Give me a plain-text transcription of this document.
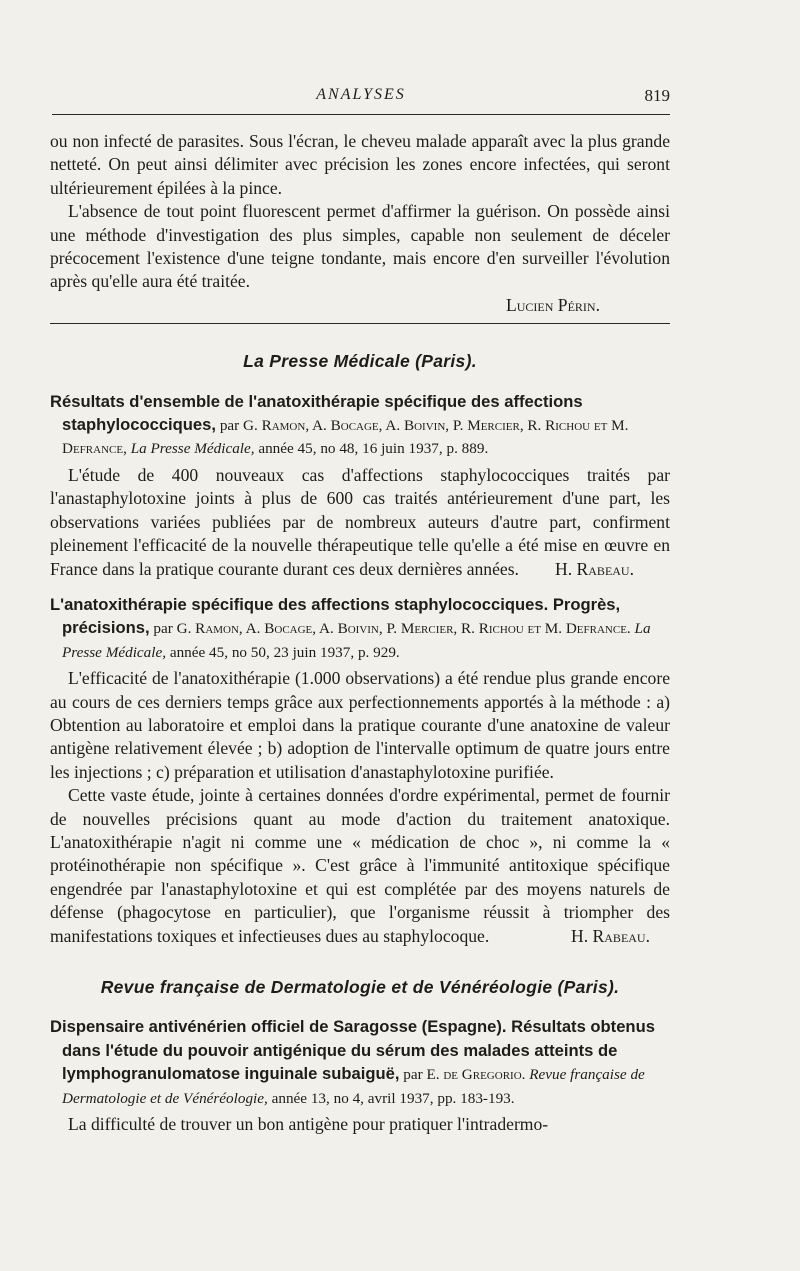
ANALYSES	819

ou non infecté de parasites. Sous l'écran, le cheveu malade apparaît avec la plus grande netteté. On peut ainsi délimiter avec précision les zones encore infectées, qui seront ultérieurement épilées à la pince.

L'absence de tout point fluorescent permet d'affirmer la guérison. On possède ainsi une méthode d'investigation des plus simples, capable non seulement de déceler précocement l'existence d'une teigne tondante, mais encore d'en surveiller l'évolution après qu'elle aura été traitée.

Lucien Périn.

La Presse Médicale (Paris).
Résultats d'ensemble de l'anatoxithérapie spécifique des affections staphylococciques, par G. Ramon, A. Bocage, A. Boivin, P. Mercier, R. Richou et M. Defrance, La Presse Médicale, année 45, no 48, 16 juin 1937, p. 889.

L'étude de 400 nouveaux cas d'affections staphylococciques traités par l'anastaphylotoxine joints à plus de 600 cas traités antérieurement d'une part, les observations variées publiées par de nombreux auteurs d'autre part, confirment pleinement l'efficacité de la nouvelle thérapeutique telle qu'elle a été mise en œuvre en France dans la pratique courante durant ces deux dernières années.	H. Rabeau.

L'anatoxithérapie spécifique des affections staphylococciques. Progrès, précisions, par G. Ramon, A. Bocage, A. Boivin, P. Mercier, R. Richou et M. Defrance. La Presse Médicale, année 45, no 50, 23 juin 1937, p. 929.

L'efficacité de l'anatoxithérapie (1.000 observations) a été rendue plus grande encore au cours de ces derniers temps grâce aux perfectionnements apportés à la méthode : a) Obtention au laboratoire et emploi dans la pratique courante d'une anatoxine de valeur antigène relativement élevée ; b) adoption de l'intervalle optimum de quatre jours entre les injections ; c) préparation et utilisation d'anastaphylotoxine purifiée.

Cette vaste étude, jointe à certaines données d'ordre expérimental, permet de fournir de nouvelles précisions quant au mode d'action du traitement anatoxique. L'anatoxithérapie n'agit ni comme une « médication de choc », ni comme la « protéinothérapie non spécifique ». C'est grâce à l'immunité antitoxique spécifique engendrée par l'anastaphylotoxine et qui est complétée par des moyens naturels de défense (phagocytose en particulier), que l'organisme réussit à triompher des manifestations toxiques et infectieuses dues au staphylocoque.	H. Rabeau.

Revue française de Dermatologie et de Vénéréologie (Paris).
Dispensaire antivénérien officiel de Saragosse (Espagne). Résultats obtenus dans l'étude du pouvoir antigénique du sérum des malades atteints de lymphogranulomatose inguinale subaiguë, par E. de Gregorio. Revue française de Dermatologie et de Vénéréologie, année 13, no 4, avril 1937, pp. 183-193.

La difficulté de trouver un bon antigène pour pratiquer l'intradermo-
